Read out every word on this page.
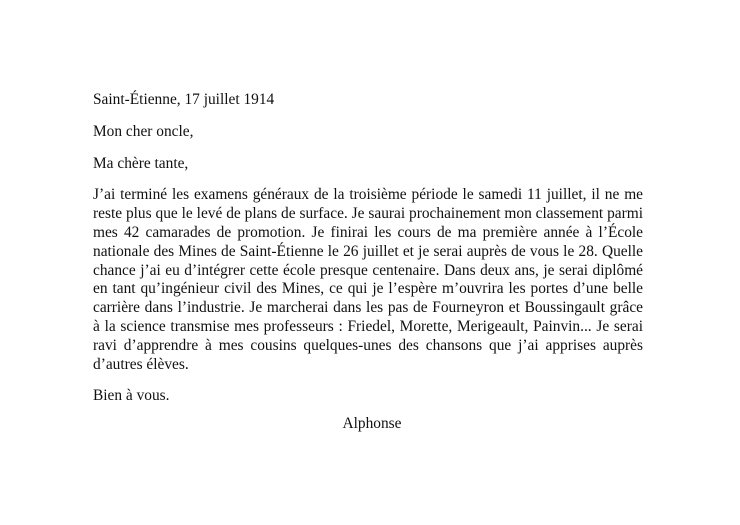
Saint-Étienne, 17 juillet 1914

Mon cher oncle,

Ma chère tante,

J’ai terminé les examens généraux de la troisième période le samedi 11 juillet, il ne me reste plus que le levé de plans de surface. Je saurai prochainement mon classement parmi mes 42 camarades de promotion. Je finirai les cours de ma première année à l’École nationale des Mines de Saint-Étienne le 26 juillet et je serai auprès de vous le 28. Quelle chance j’ai eu d’intégrer cette école presque centenaire. Dans deux ans, je serai diplômé en tant qu’ingénieur civil des Mines, ce qui je l’espère m’ouvrira les portes d’une belle carrière dans l’industrie. Je marcherai dans les pas de Fourneyron et Boussingault grâce à la science transmise mes professeurs : Friedel, Morette, Merigeault, Painvin... Je serai ravi d’apprendre à mes cousins quelques-unes des chansons que j’ai apprises auprès d’autres élèves.

Bien à vous.

Alphonse
